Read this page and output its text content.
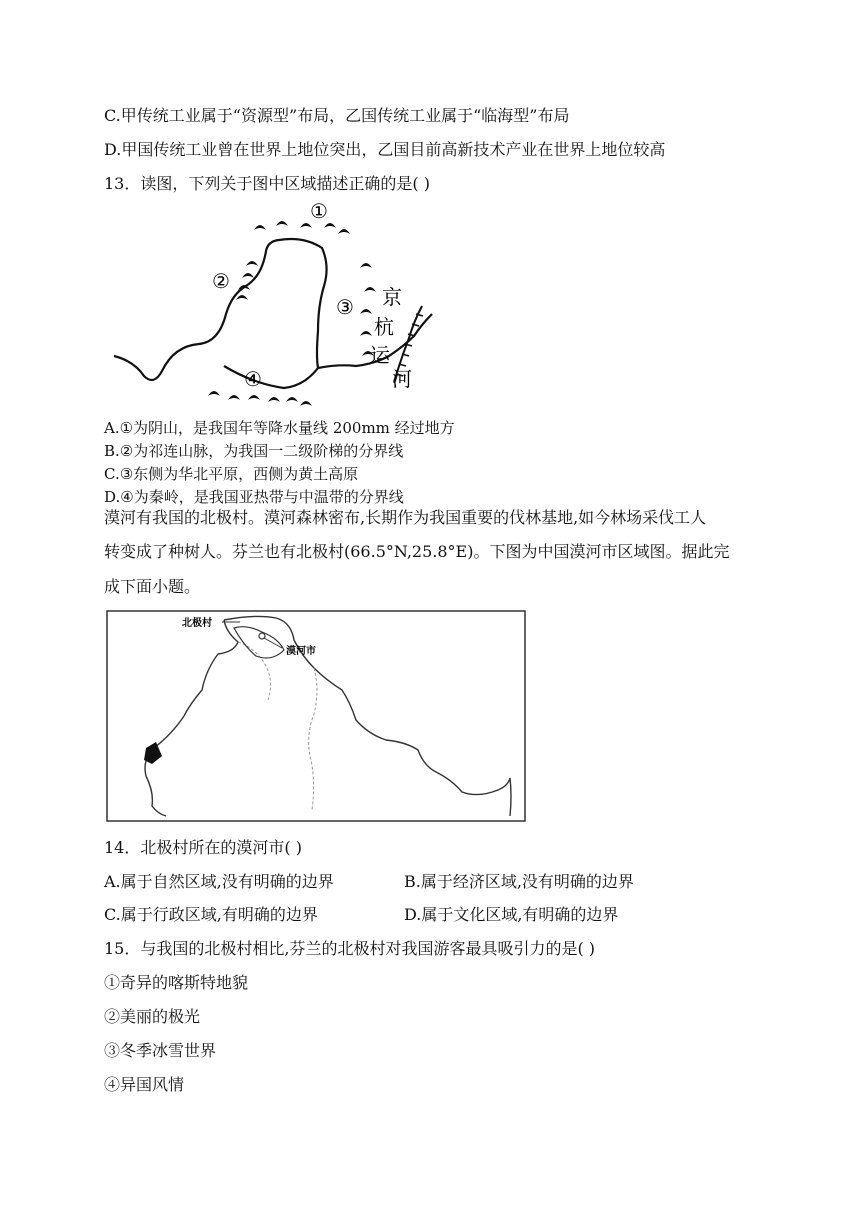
C.甲传统工业属于“资源型”布局，乙国传统工业属于“临海型”布局
D.甲国传统工业曾在世界上地位突出，乙国目前高新技术产业在世界上地位较高
13．读图，下列关于图中区域描述正确的是( )
①
②
③
④
京
杭
运
河
A.①为阴山，是我国年等降水量线 200mm 经过地方
B.②为祁连山脉，为我国一二级阶梯的分界线
C.③东侧为华北平原，西侧为黄土高原
D.④为秦岭，是我国亚热带与中温带的分界线
漠河有我国的北极村。漠河森林密布,长期作为我国重要的伐林基地,如今林场采伐工人
转变成了种树人。芬兰也有北极村(66.5°N,25.8°E)。下图为中国漠河市区域图。据此完
成下面小题。
北极村
漠河市
14．北极村所在的漠河市( )
A.属于自然区域,没有明确的边界	B.属于经济区域,没有明确的边界
C.属于行政区域,有明确的边界	D.属于文化区域,有明确的边界
15．与我国的北极村相比,芬兰的北极村对我国游客最具吸引力的是( )
①奇异的喀斯特地貌
②美丽的极光
③冬季冰雪世界
④异国风情
